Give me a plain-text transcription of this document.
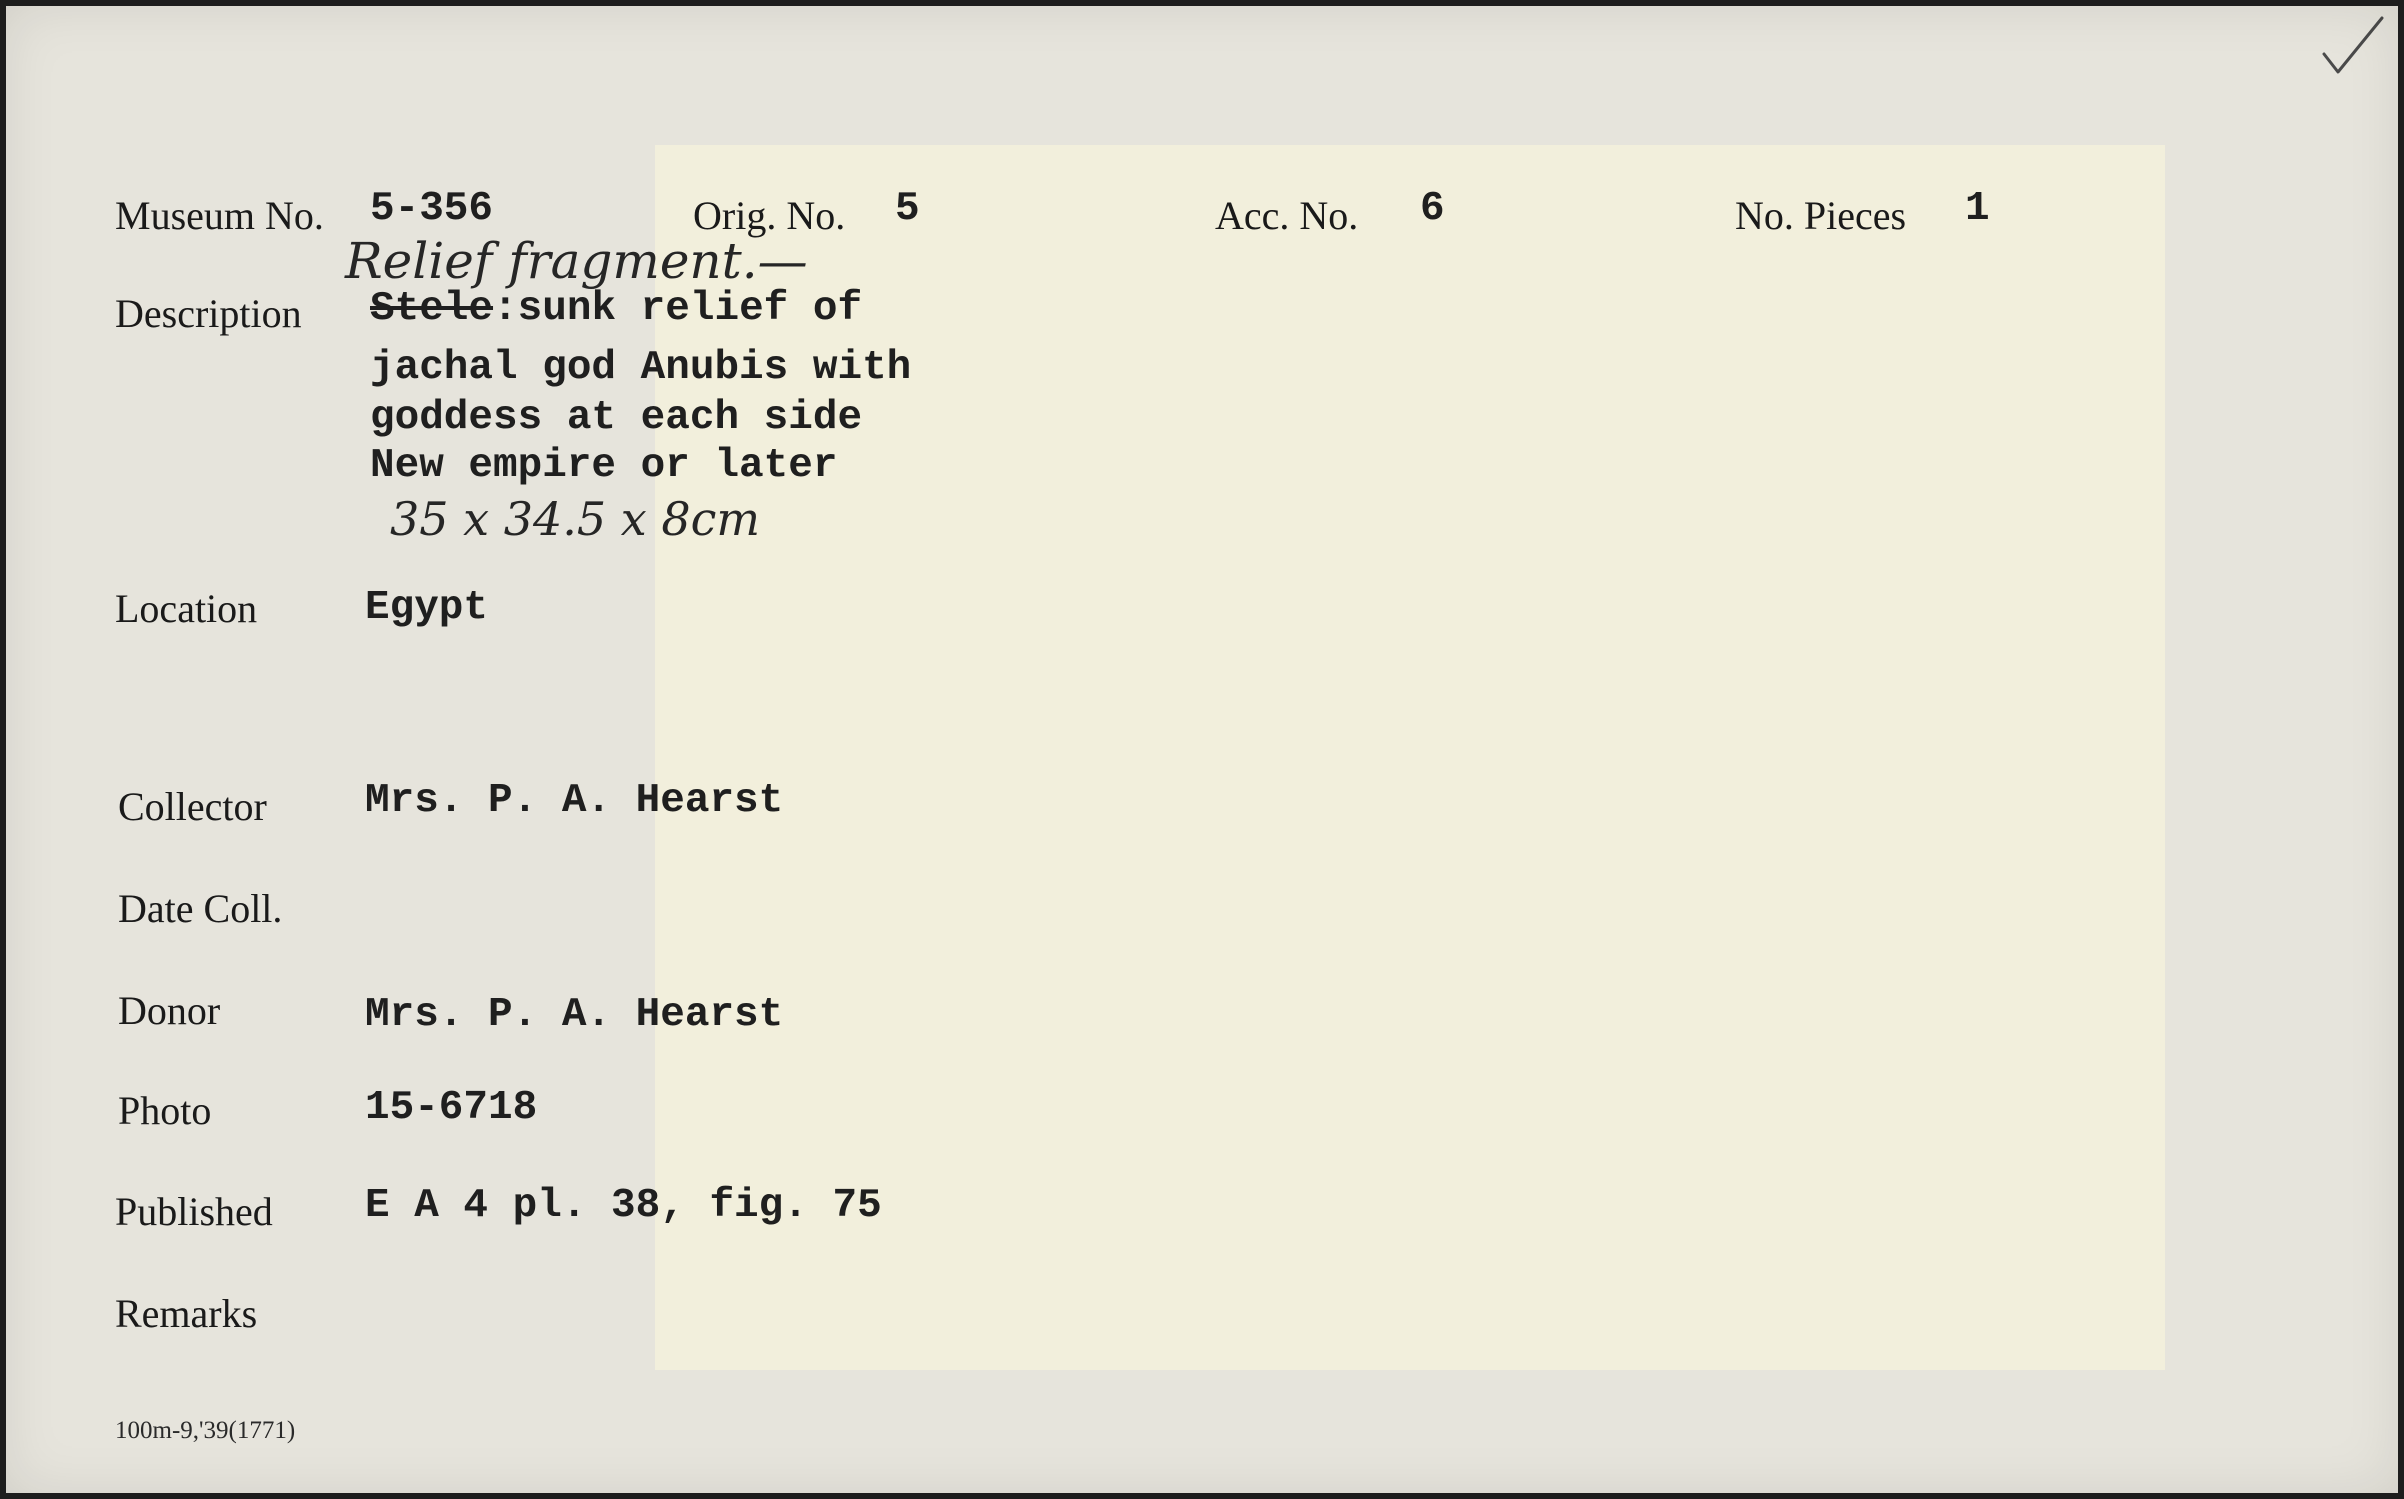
Museum No. 5-356	Orig. No. 5	Acc. No. 6	No. Pieces 1
Relief fragment.—
Description Stele:sunk relief of
jachal god Anubis with
goddess at each side
New empire or later
35 x 34.5 x 8cm
Location	Egypt
Collector Mrs. P. A. Hearst
Date Coll.
Donor	Mrs. P. A. Hearst
Photo	15-6718
Published E A 4 pl. 38, fig. 75
Remarks
100m-9,'39(1771)
